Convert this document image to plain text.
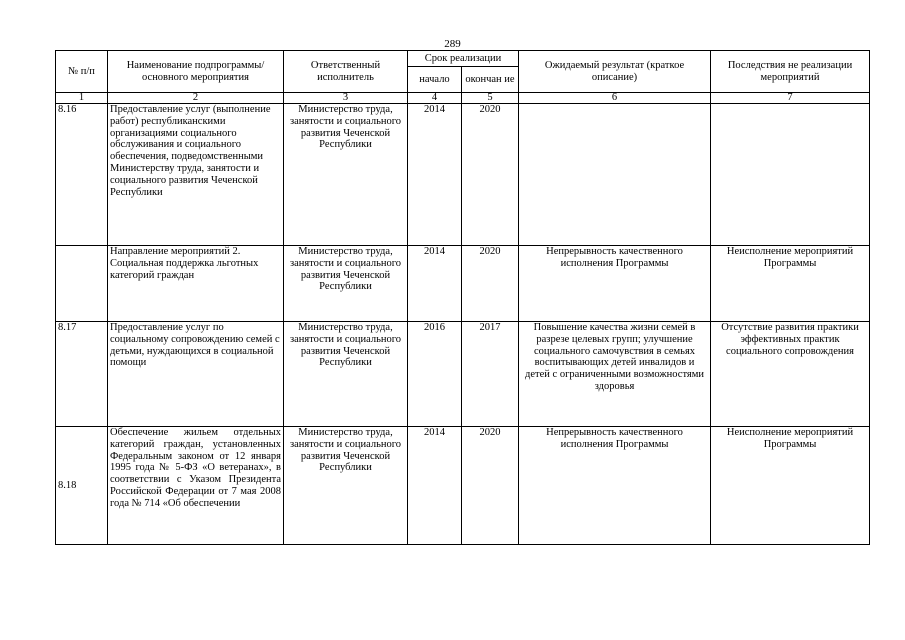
289
№ п/п	Наименование подпрограммы/ основного мероприятия	Ответственный исполнитель	Срок реализации		Ожидаемый результат (краткое описание)	Последствия не реализации мероприятий
			начало	окончан ие		
1	2	3	4	5	6	7
8.16	Предоставление услуг (выполнение работ) республиканскими организациями социального обслуживания и социального обеспечения, подведомственными Министерству труда, занятости и социального развития Чеченской Республики	Министерство труда, занятости и социального развития Чеченской Республики	2014	2020		
	Направление мероприятий 2. Социальная поддержка льготных категорий граждан	Министерство труда, занятости и социального развития Чеченской Республики	2014	2020	Непрерывность качественного исполнения Программы	Неисполнение мероприятий Программы
8.17	Предоставление услуг по социальному сопровождению семей с детьми, нуждающихся в социальной помощи	Министерство труда, занятости и социального развития Чеченской Республики	2016	2017	Повышение качества жизни семей в разрезе целевых групп; улучшение социального самочувствия в семьях воспитывающих детей инвалидов и детей с ограниченными возможностями здоровья	Отсутствие развития практики эффективных практик социального сопровождения
8.18	Обеспечение жильем отдельных категорий граждан, установленных Федеральным законом от 12 января 1995 года № 5-ФЗ «О ветеранах», в соответствии с Указом Президента Российской Федерации от 7 мая 2008 года № 714 «Об обеспечении	Министерство труда, занятости и социального развития Чеченской Республики	2014	2020	Непрерывность качественного исполнения Программы	Неисполнение мероприятий Программы
